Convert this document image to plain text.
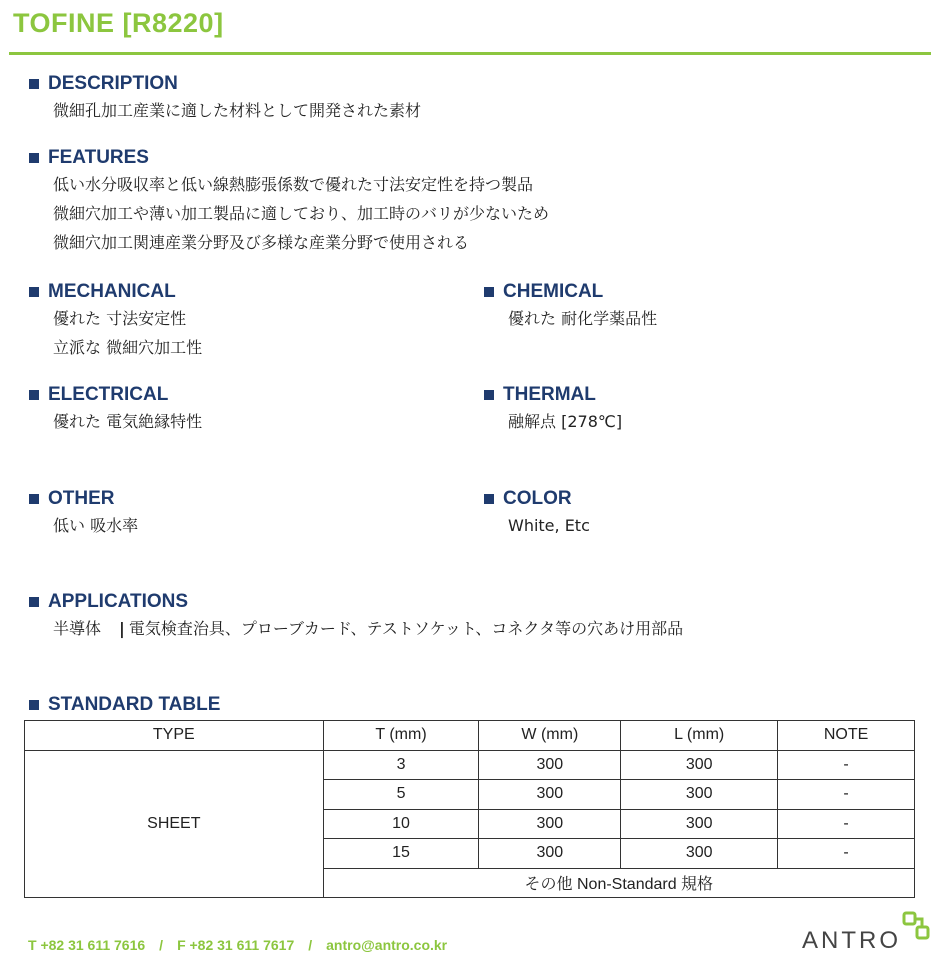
TOFINE [R8220]
DESCRIPTION
微細孔加工産業に適した材料として開発された素材
FEATURES
低い水分吸収率と低い線熱膨張係数で優れた寸法安定性を持つ製品
微細穴加工や薄い加工製品に適しており、加工時のバリが少ないため
微細穴加工関連産業分野及び多様な産業分野で使用される
MECHANICAL
優れた 寸法安定性
立派な 微細穴加工性
CHEMICAL
優れた 耐化学薬品性
ELECTRICAL
優れた 電気絶縁特性
THERMAL
融解点 [278℃]
OTHER
低い 吸水率
COLOR
White, Etc
APPLICATIONS
半導体 | 電気検査治具、プローブカード、テストソケット、コネクタ等の穴あけ用部品
STANDARD TABLE
TYPE	T (mm)	W (mm)	L (mm)	NOTE
SHEET	3	300	300	-
	5	300	300	-
	10	300	300	-
	15	300	300	-
	その他 Non-Standard 規格			
T +82 31 611 7616 / F +82 31 611 7617 / antro@antro.co.kr	ANTRO
